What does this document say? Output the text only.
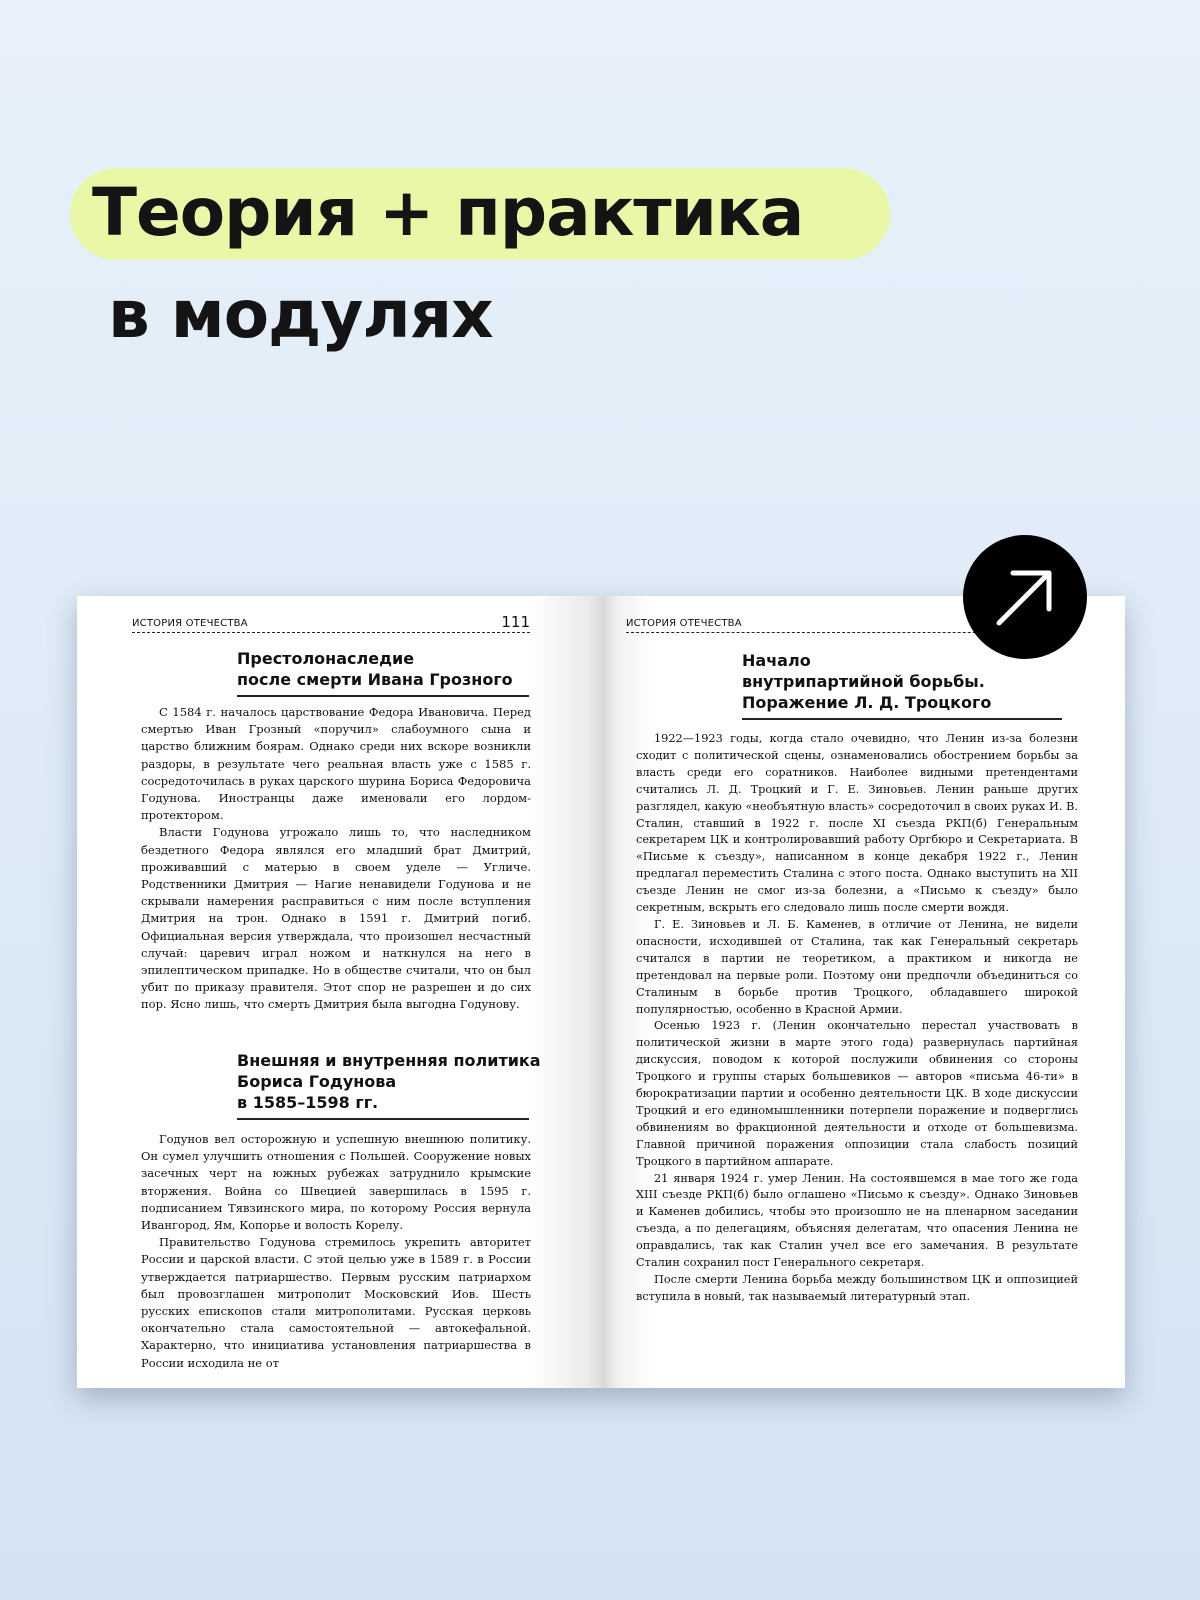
Теория + практика
в модулях
ИСТОРИЯ ОТЕЧЕСТВА	111
Престолонаследие
после смерти Ивана Грозного

С 1584 г. началось царствование Федора Ивановича. Перед смертью Иван Грозный «поручил» слабоумного сына и царство ближним боярам. Однако среди них вскоре возникли раздоры, в результате чего реальная власть уже с 1585 г. сосредоточилась в руках царского шурина Бориса Федоровича Годунова. Иностранцы даже именовали его лордом-протектором.

Власти Годунова угрожало лишь то, что наследником бездетного Федора являлся его младший брат Дмитрий, проживавший с матерью в своем уделе — Угличе. Родственники Дмитрия — Нагие ненавидели Годунова и не скрывали намерения расправиться с ним после вступления Дмитрия на трон. Однако в 1591 г. Дмитрий погиб. Официальная версия утверждала, что произошел несчастный случай: царевич играл ножом и наткнулся на него в эпилептическом припадке. Но в обществе считали, что он был убит по приказу правителя. Этот спор не разрешен и до сих пор. Ясно лишь, что смерть Дмитрия была выгодна Годунову.

Внешняя и внутренняя политика
Бориса Годунова
в 1585–1598 гг.

Годунов вел осторожную и успешную внешнюю политику. Он сумел улучшить отношения с Польшей. Сооружение новых засечных черт на южных рубежах затруднило крымские вторжения. Война со Швецией завершилась в 1595 г. подписанием Тявзинского мира, по которому Россия вернула Ивангород, Ям, Копорье и волость Корелу.

Правительство Годунова стремилось укрепить авторитет России и царской власти. С этой целью уже в 1589 г. в России утверждается патриаршество. Первым русским патриархом был провозглашен митрополит Московский Иов. Шесть русских епископов стали митрополитами. Русская церковь окончательно стала самостоятельной — автокефальной. Характерно, что инициатива установления патриаршества в России исходила не от

ИСТОРИЯ ОТЕЧЕСТВА
Начало
внутрипартийной борьбы.
Поражение Л. Д. Троцкого

1922—1923 годы, когда стало очевидно, что Ленин из-за болезни сходит с политической сцены, ознаменовались обострением борьбы за власть среди его соратников. Наиболее видными претендентами считались Л. Д. Троцкий и Г. Е. Зиновьев. Ленин раньше других разглядел, какую «необъятную власть» сосредоточил в своих руках И. В. Сталин, ставший в 1922 г. после XI съезда РКП(б) Генеральным секретарем ЦК и контролировавший работу Оргбюро и Секретариата. В «Письме к съезду», написанном в конце декабря 1922 г., Ленин предлагал переместить Сталина с этого поста. Однако выступить на XII съезде Ленин не смог из-за болезни, а «Письмо к съезду» было секретным, вскрыть его следовало лишь после смерти вождя.

Г. Е. Зиновьев и Л. Б. Каменев, в отличие от Ленина, не видели опасности, исходившей от Сталина, так как Генеральный секретарь считался в партии не теоретиком, а практиком и никогда не претендовал на первые роли. Поэтому они предпочли объединиться со Сталиным в борьбе против Троцкого, обладавшего широкой популярностью, особенно в Красной Армии.

Осенью 1923 г. (Ленин окончательно перестал участвовать в политической жизни в марте этого года) развернулась партийная дискуссия, поводом к которой послужили обвинения со стороны Троцкого и группы старых большевиков — авторов «письма 46-ти» в бюрократизации партии и особенно деятельности ЦК. В ходе дискуссии Троцкий и его единомышленники потерпели поражение и подверглись обвинениям во фракционной деятельности и отходе от большевизма. Главной причиной поражения оппозиции стала слабость позиций Троцкого в партийном аппарате.

21 января 1924 г. умер Ленин. На состоявшемся в мае того же года XIII съезде РКП(б) было оглашено «Письмо к съезду». Однако Зиновьев и Каменев добились, чтобы это произошло не на пленарном заседании съезда, а по делегациям, объясняя делегатам, что опасения Ленина не оправдались, так как Сталин учел все его замечания. В результате Сталин сохранил пост Генерального секретаря.

После смерти Ленина борьба между большинством ЦК и оппозицией вступила в новый, так называемый литературный этап.
